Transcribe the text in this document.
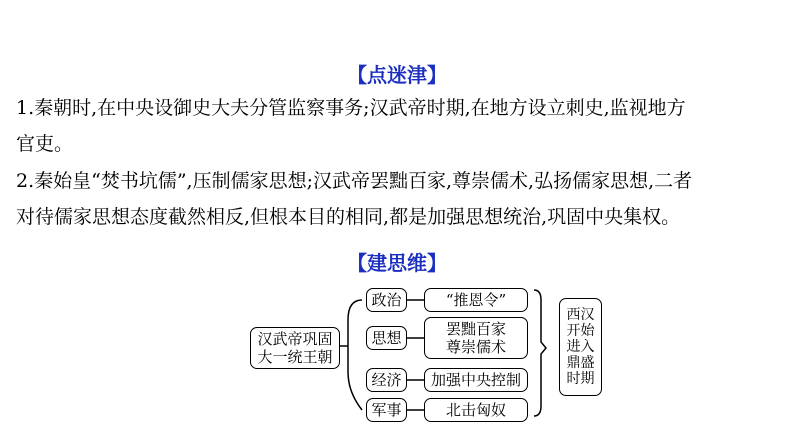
【点迷津】
1.秦朝时,在中央设御史大夫分管监察事务;汉武帝时期,在地方设立刺史,监视地方
官吏。
2.秦始皇“焚书坑儒”,压制儒家思想;汉武帝罢黜百家,尊崇儒术,弘扬儒家思想,二者
对待儒家思想态度截然相反,但根本目的相同,都是加强思想统治,巩固中央集权。
【建思维】
汉武帝巩固
大一统王朝
政治
思想
经济
军事
“推恩令”
罢黜百家
尊崇儒术
加强中央控制
北击匈奴
西汉
开始
进入
鼎盛
时期
